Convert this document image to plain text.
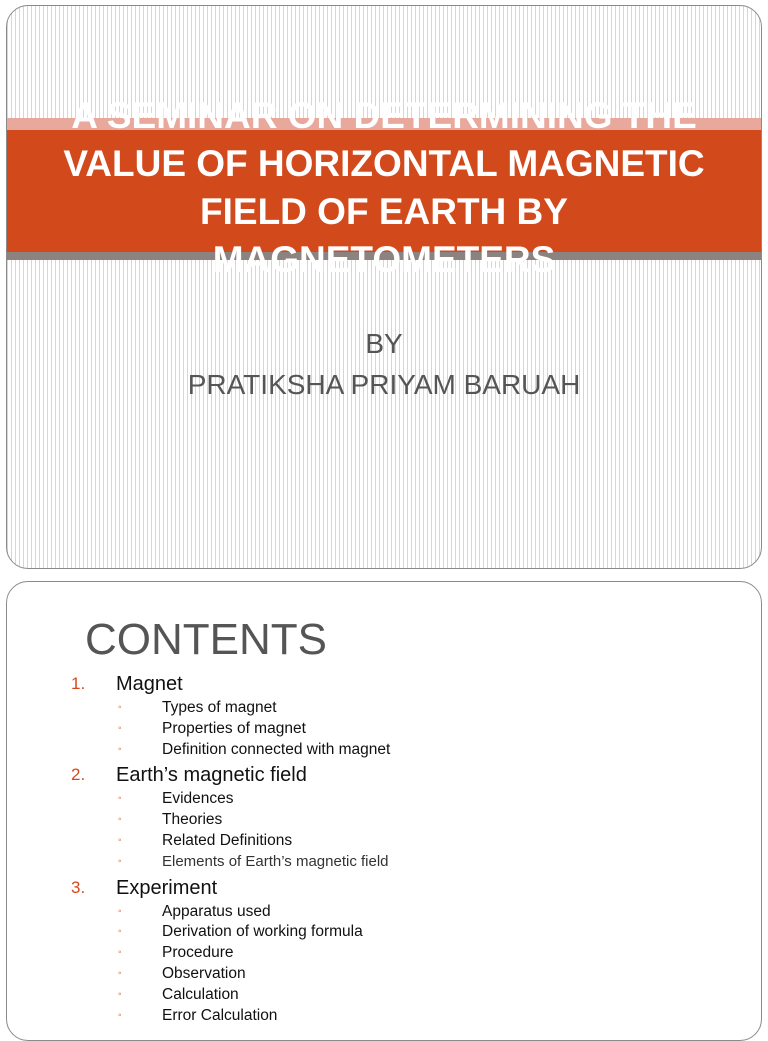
A SEMINAR ON DETERMINING THE VALUE OF HORIZONTAL MAGNETIC FIELD OF EARTH BY MAGNETOMETERS
BY
PRATIKSHA PRIYAM BARUAH
CONTENTS
1. Magnet
◦	Types of magnet
◦	Properties of magnet
◦	Definition connected with magnet
2. Earth’s magnetic field
◦	Evidences
◦	Theories
◦	Related Definitions
◦	Elements of Earth’s magnetic field
3. Experiment
◦	Apparatus used
◦	Derivation of working formula
◦	Procedure
◦	Observation
◦	Calculation
◦	Error Calculation
